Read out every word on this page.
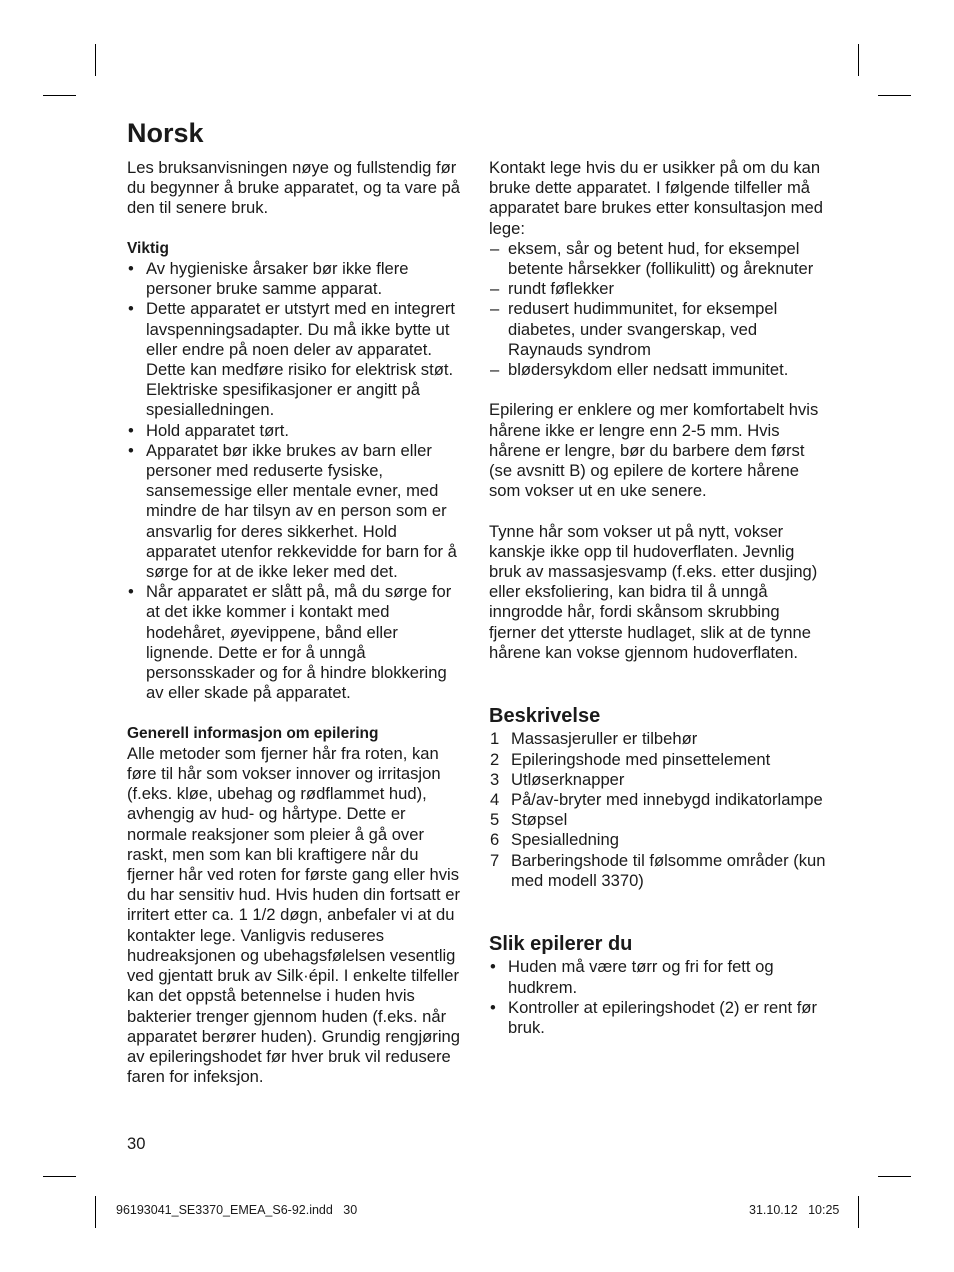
Norsk

Les bruksanvisningen nøye og fullstendig før du begynner å bruke apparatet, og ta vare på den til senere bruk.

Viktig
• Av hygieniske årsaker bør ikke flere personer bruke samme apparat.
• Dette apparatet er utstyrt med en integrert lavspenningsadapter. Du må ikke bytte ut eller endre på noen deler av apparatet. Dette kan medføre risiko for elektrisk støt. Elektriske spesifikasjoner er angitt på spesialledningen.
• Hold apparatet tørt.
• Apparatet bør ikke brukes av barn eller personer med reduserte fysiske, sansemessige eller mentale evner, med mindre de har tilsyn av en person som er ansvarlig for deres sikkerhet. Hold apparatet utenfor rekkevidde for barn for å sørge for at de ikke leker med det.
• Når apparatet er slått på, må du sørge for at det ikke kommer i kontakt med hodehåret, øyevippene, bånd eller lignende. Dette er for å unngå personsskader og for å hindre blokkering av eller skade på apparatet.
Generell informasjon om epilering

Alle metoder som fjerner hår fra roten, kan føre til hår som vokser innover og irritasjon (f.eks. kløe, ubehag og rødflammet hud), avhengig av hud- og hårtype. Dette er normale reaksjoner som pleier å gå over raskt, men som kan bli kraftigere når du fjerner hår ved roten for første gang eller hvis du har sensitiv hud. Hvis huden din fortsatt er irritert etter ca. 1 1/2 døgn, anbefaler vi at du kontakter lege. Vanligvis reduseres hudreaksjonen og ubehagsfølelsen vesentlig ved gjentatt bruk av Silk·épil. I enkelte tilfeller kan det oppstå betennelse i huden hvis bakterier trenger gjennom huden (f.eks. når apparatet berører huden). Grundig rengjøring av epileringshodet før hver bruk vil redusere faren for infeksjon.

Kontakt lege hvis du er usikker på om du kan bruke dette apparatet. I følgende tilfeller må apparatet bare brukes etter konsultasjon med lege:

– eksem, sår og betent hud, for eksempel betente hårsekker (follikulitt) og åreknuter
– rundt føflekker
– redusert hudimmunitet, for eksempel diabetes, under svangerskap, ved Raynauds syndrom
– blødersykdom eller nedsatt immunitet.

Epilering er enklere og mer komfortabelt hvis hårene ikke er lengre enn 2-5 mm. Hvis hårene er lengre, bør du barbere dem først (se avsnitt B) og epilere de kortere hårene som vokser ut en uke senere.

Tynne hår som vokser ut på nytt, vokser kanskje ikke opp til hudoverflaten. Jevnlig bruk av massasjesvamp (f.eks. etter dusjing) eller eksfoliering, kan bidra til å unngå inngrodde hår, fordi skånsom skrubbing fjerner det ytterste hudlaget, slik at de tynne hårene kan vokse gjennom hudoverflaten.

Beskrivelse
1 Massasjeruller er tilbehør
2 Epileringshode med pinsettelement
3 Utløserknapper
4 På/av-bryter med innebygd indikatorlampe
5 Støpsel
6 Spesialledning
7 Barberingshode til følsomme områder (kun med modell 3370)
Slik epilerer du
• Huden må være tørr og fri for fett og hudkrem.
• Kontroller at epileringshodet (2) er rent før bruk.
30
96193041_SE3370_EMEA_S6-92.indd   30	31.10.12   10:25
